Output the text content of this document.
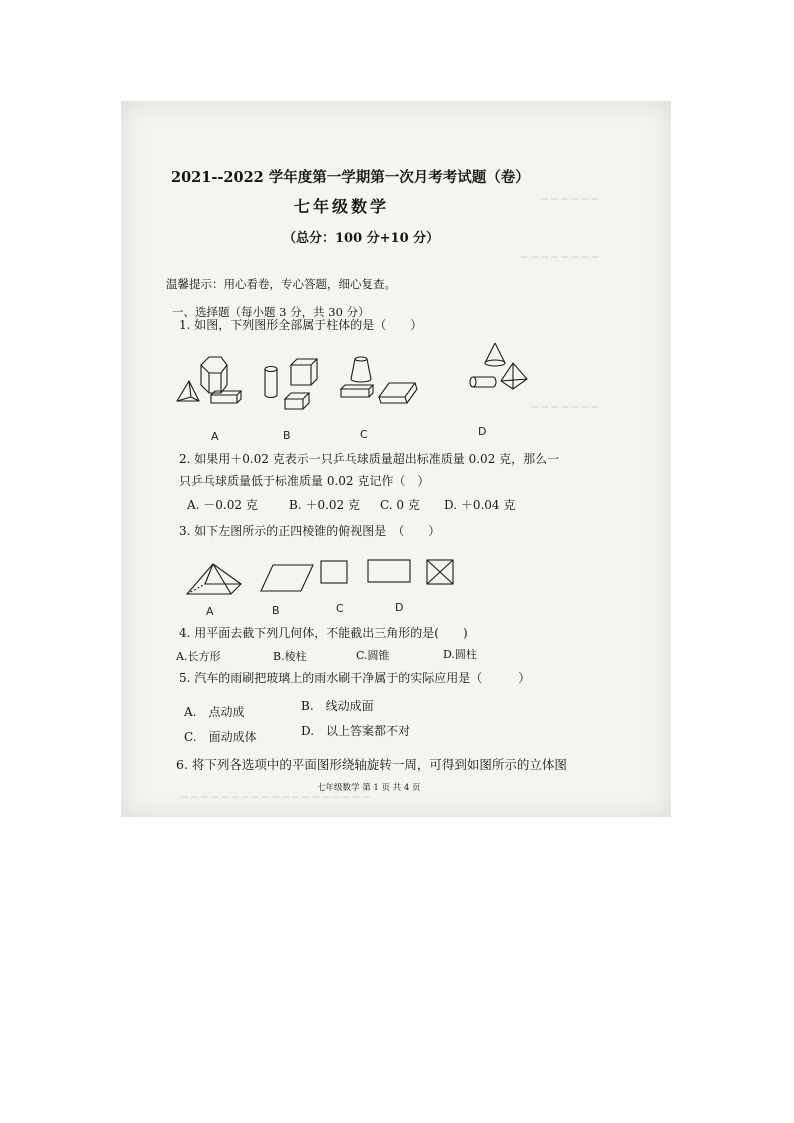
─ ─ ─ ─ ─ ─
─ ─ ─ ─ ─ ─ ─ ─
─ ─ ─ ─ ─ ─ ─
─ ─ ─ ─ ─ ─ ─ ─ ─ ─ ─ ─ ─ ─ ─ ─ ─ ─ ─
2021--2022 学年度第一学期第一次月考考试题（卷）
七年级数学
（总分：100 分+10 分）
温馨提示：用心看卷，专心答题，细心复查。
一、选择题（每小题 3 分，共 30 分）
1. 如图，下列图形全部属于柱体的是（　　）
A	B	C	D
2. 如果用＋0.02 克表示一只乒乓球质量超出标准质量 0.02 克，那么一
只乒乓球质量低于标准质量 0.02 克记作（　）
A. －0.02 克	B. ＋0.02 克 C. 0 克 D. ＋0.04 克
3. 如下左图所示的正四棱锥的俯视图是　（　　）
A	B	C	D
4. 用平面去截下列几何体，不能截出三角形的是(　　)
A.长方形	B.棱柱	C.圆锥	D.圆柱
5. 汽车的雨刷把玻璃上的雨水刷干净属于的实际应用是（　　　）
A.　点动成	B.　线动成面
C.　面动成体	D.　以上答案都不对
6. 将下列各选项中的平面图形绕轴旋转一周，可得到如图所示的立体图
七年级数学 第 1 页 共 4 页
